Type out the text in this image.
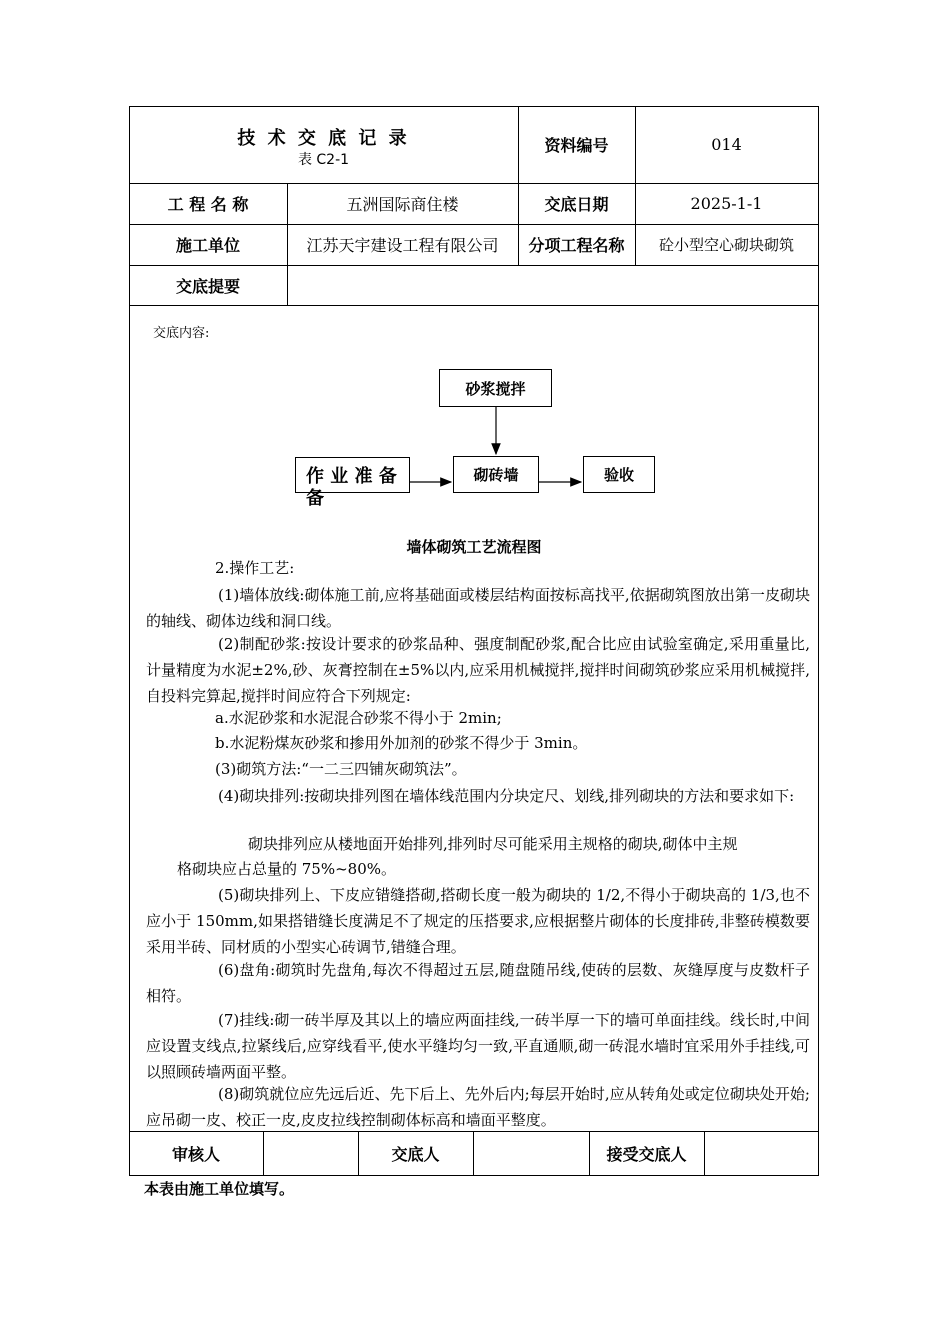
技 术 交 底 记 录
表 C2-1
资料编号	014
工 程 名 称	五洲国际商住楼	交底日期	2025-1-1
施工单位	江苏天宇建设工程有限公司	分项工程名称	砼小型空心砌块砌筑
交底提要
交底内容:
砂浆搅拌
砌砖墙	验收
作 业 准 备
备
墙体砌筑工艺流程图
2.操作工艺:
(1)墙体放线:砌体施工前,应将基础面或楼层结构面按标高找平,依据砌筑图放出第一皮砌块的轴线、砌体边线和洞口线。
(2)制配砂浆:按设计要求的砂浆品种、强度制配砂浆,配合比应由试验室确定,采用重量比,计量精度为水泥±2%,砂、灰膏控制在±5%以内,应采用机械搅拌,搅拌时间砌筑砂浆应采用机械搅拌,自投料完算起,搅拌时间应符合下列规定:
a.水泥砂浆和水泥混合砂浆不得小于 2min;
b.水泥粉煤灰砂浆和掺用外加剂的砂浆不得少于 3min。
(3)砌筑方法:“一二三四铺灰砌筑法”。
(4)砌块排列:按砌块排列图在墙体线范围内分块定尺、划线,排列砌块的方法和要求如下:
砌块排列应从楼地面开始排列,排列时尽可能采用主规格的砌块,砌体中主规
格砌块应占总量的 75%~80%。
(5)砌块排列上、下皮应错缝搭砌,搭砌长度一般为砌块的 1/2,不得小于砌块高的 1/3,也不应小于 150mm,如果搭错缝长度满足不了规定的压搭要求,应根据整片砌体的长度排砖,非整砖模数要采用半砖、同材质的小型实心砖调节,错缝合理。
(6)盘角:砌筑时先盘角,每次不得超过五层,随盘随吊线,使砖的层数、灰缝厚度与皮数杆子相符。
(7)挂线:砌一砖半厚及其以上的墙应两面挂线,一砖半厚一下的墙可单面挂线。线长时,中间应设置支线点,拉紧线后,应穿线看平,使水平缝均匀一致,平直通顺,砌一砖混水墙时宜采用外手挂线,可以照顾砖墙两面平整。
(8)砌筑就位应先远后近、先下后上、先外后内;每层开始时,应从转角处或定位砌块处开始;应吊砌一皮、校正一皮,皮皮拉线控制砌体标高和墙面平整度。
审核人	交底人	接受交底人
本表由施工单位填写。
